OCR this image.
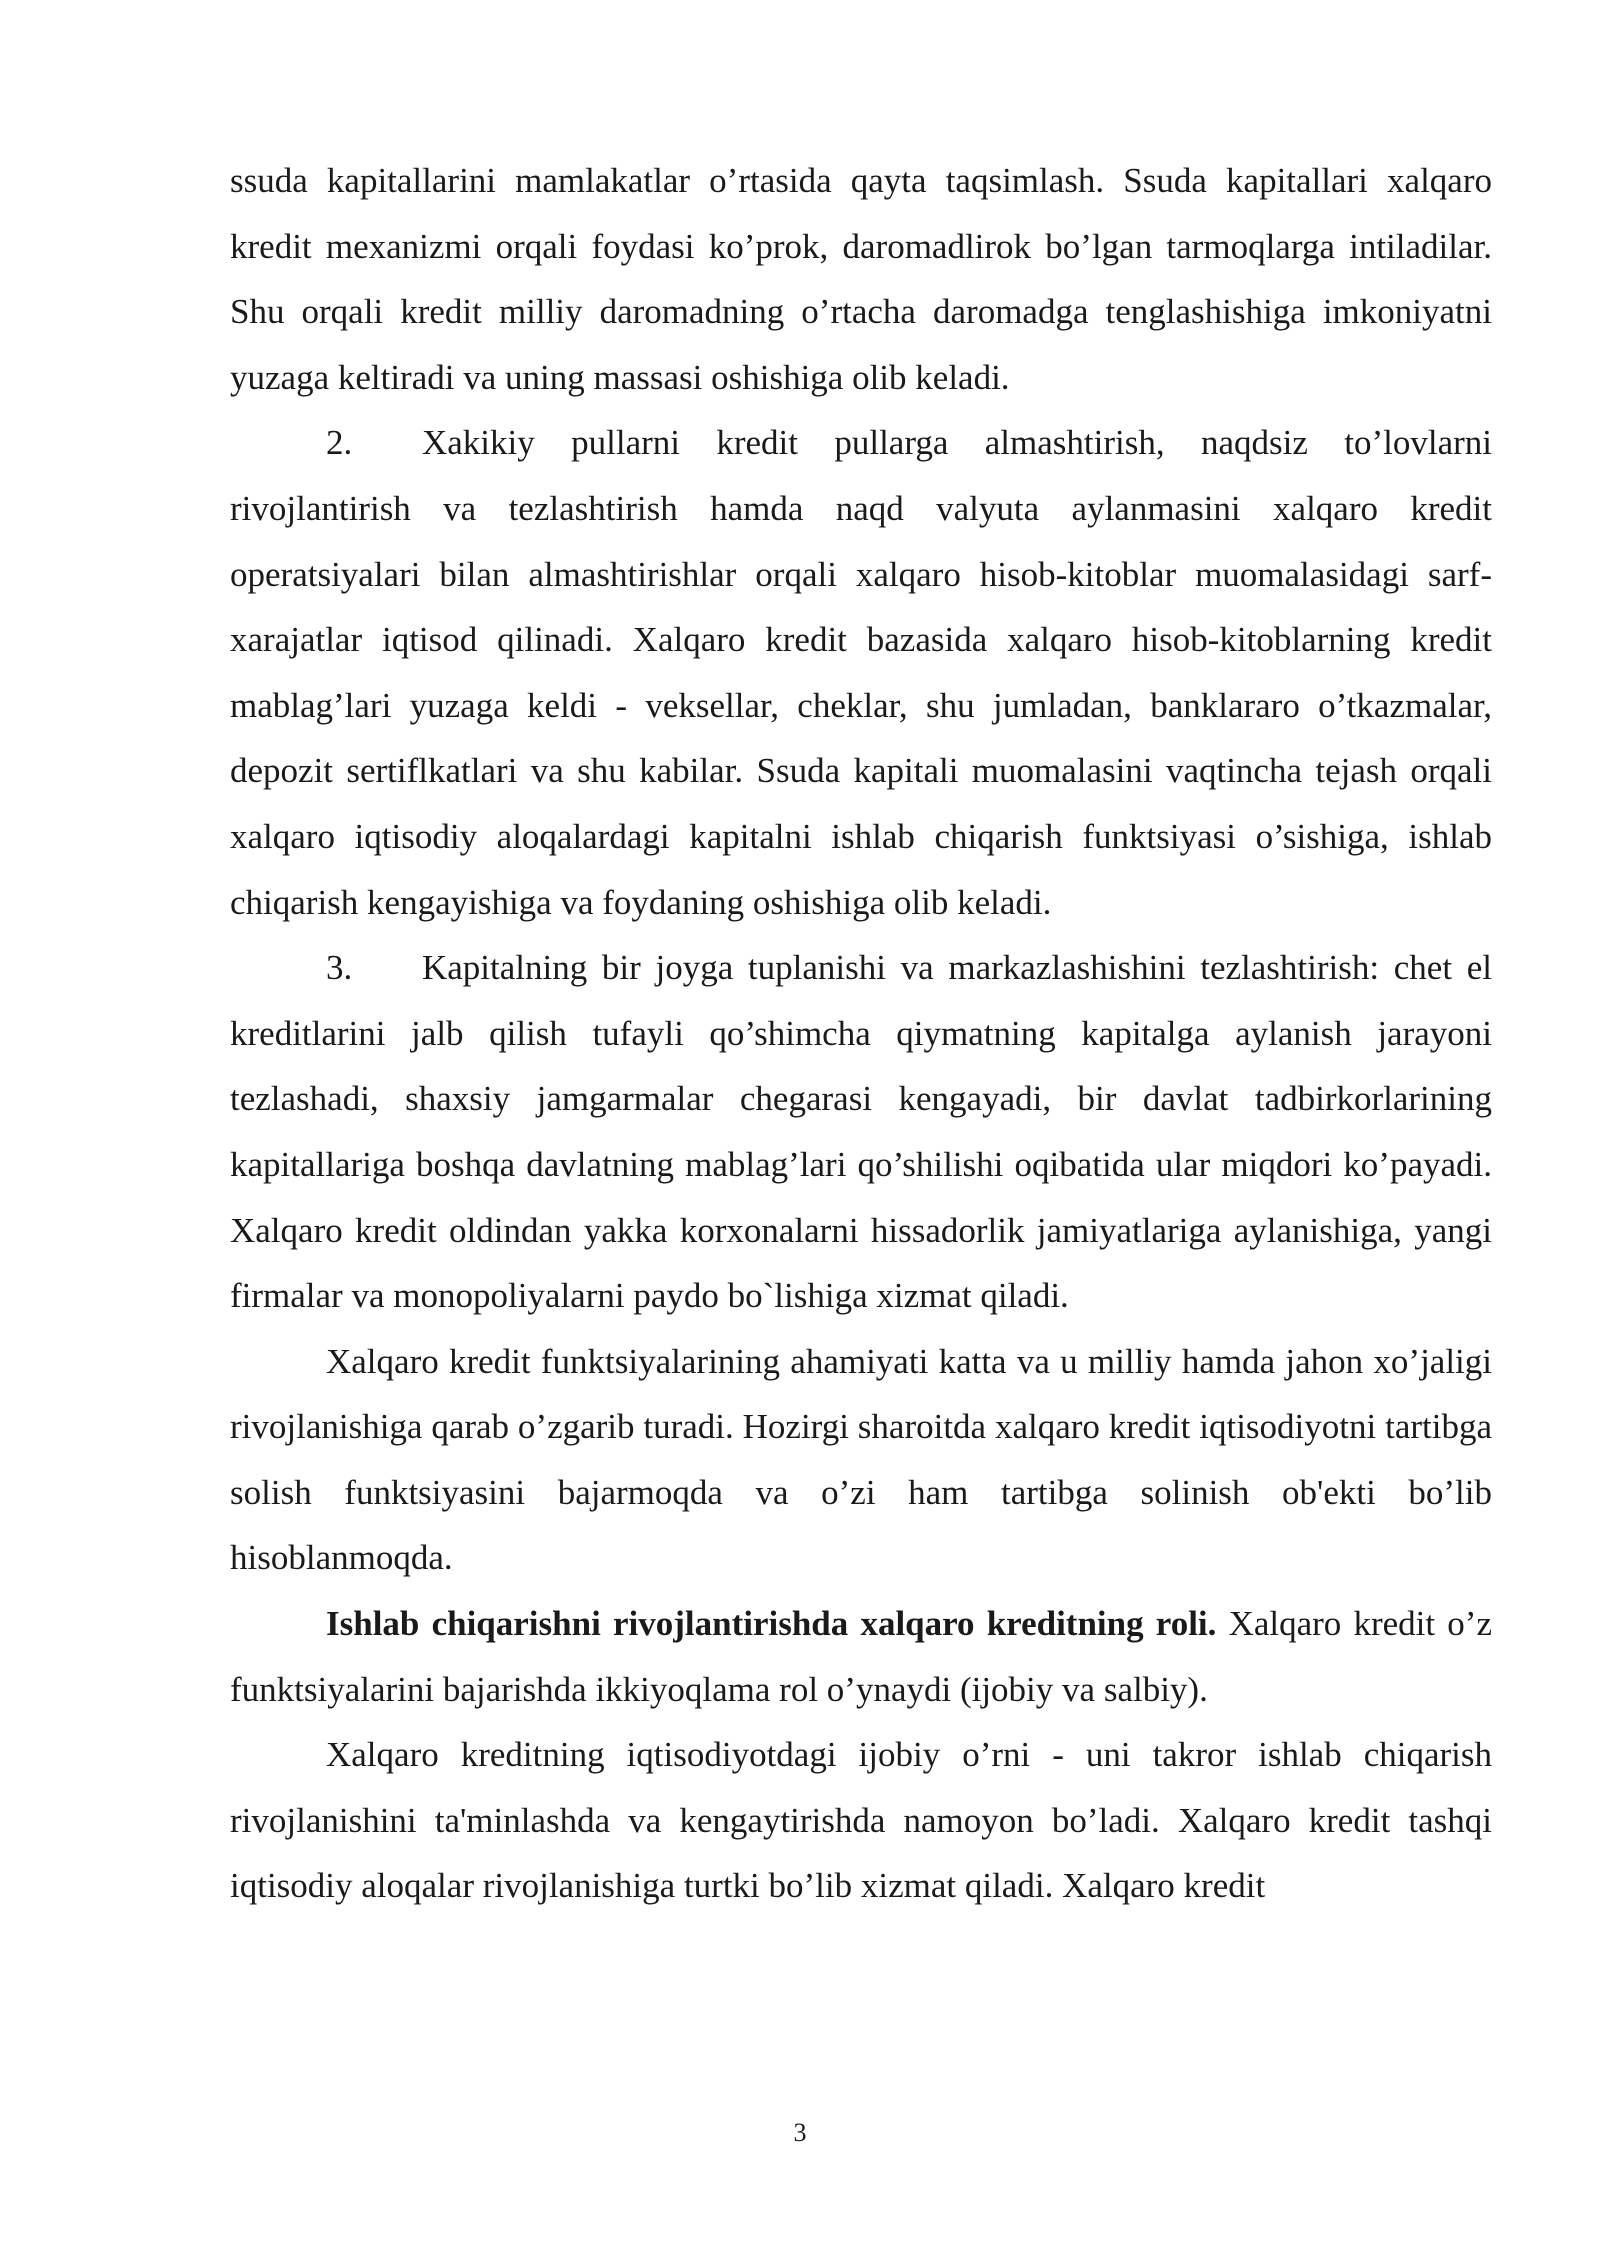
ssuda kapitallarini mamlakatlar o’rtasida qayta taqsimlash. Ssuda kapitallari xalqaro kredit mexanizmi orqali foydasi ko’prok, daromadlirok bo’lgan tarmoqlarga intiladilar. Shu orqali kredit milliy daromadning o’rtacha daromadga tenglashishiga imkoniyatni yuzaga keltiradi va uning massasi oshishiga olib keladi.

2. Xakikiy pullarni kredit pullarga almashtirish, naqdsiz to’lovlarni rivojlantirish va tezlashtirish hamda naqd valyuta aylanmasini xalqaro kredit operatsiyalari bilan almashtirishlar orqali xalqaro hisob-kitoblar muomalasidagi sarf-xarajatlar iqtisod qilinadi. Xalqaro kredit bazasida xalqaro hisob-kitoblarning kredit mablag’lari yuzaga keldi - veksellar, cheklar, shu jumladan, banklararo o’tkazmalar, depozit sertiflkatlari va shu kabilar. Ssuda kapitali muomalasini vaqtincha tejash orqali xalqaro iqtisodiy aloqalardagi kapitalni ishlab chiqarish funktsiyasi o’sishiga, ishlab chiqarish kengayishiga va foydaning oshishiga olib keladi.

3. Kapitalning bir joyga tuplanishi va markazlashishini tezlashtirish: chet el kreditlarini jalb qilish tufayli qo’shimcha qiymatning kapitalga aylanish jarayoni tezlashadi, shaxsiy jamgarmalar chegarasi kengayadi, bir davlat tadbirkorlarining kapitallariga boshqa davlatning mablag’lari qo’shilishi oqibatida ular miqdori ko’payadi. Xalqaro kredit oldindan yakka korxonalarni hissadorlik jamiyatlariga aylanishiga, yangi firmalar va monopoliyalarni paydo bo`lishiga xizmat qiladi.

Xalqaro kredit funktsiyalarining ahamiyati katta va u milliy hamda jahon xo’jaligi rivojlanishiga qarab o’zgarib turadi. Hozirgi sharoitda xalqaro kredit iqtisodiyotni tartibga solish funktsiyasini bajarmoqda va o’zi ham tartibga solinish ob'ekti bo’lib hisoblanmoqda.

Ishlab chiqarishni rivojlantirishda xalqaro kreditning roli. Xalqaro kredit o’z funktsiyalarini bajarishda ikkiyoqlama rol o’ynaydi (ijobiy va salbiy).

Xalqaro kreditning iqtisodiyotdagi ijobiy o’rni - uni takror ishlab chiqarish rivojlanishini ta'minlashda va kengaytirishda namoyon bo’ladi. Xalqaro kredit tashqi iqtisodiy aloqalar rivojlanishiga turtki bo’lib xizmat qiladi. Xalqaro kredit

3
